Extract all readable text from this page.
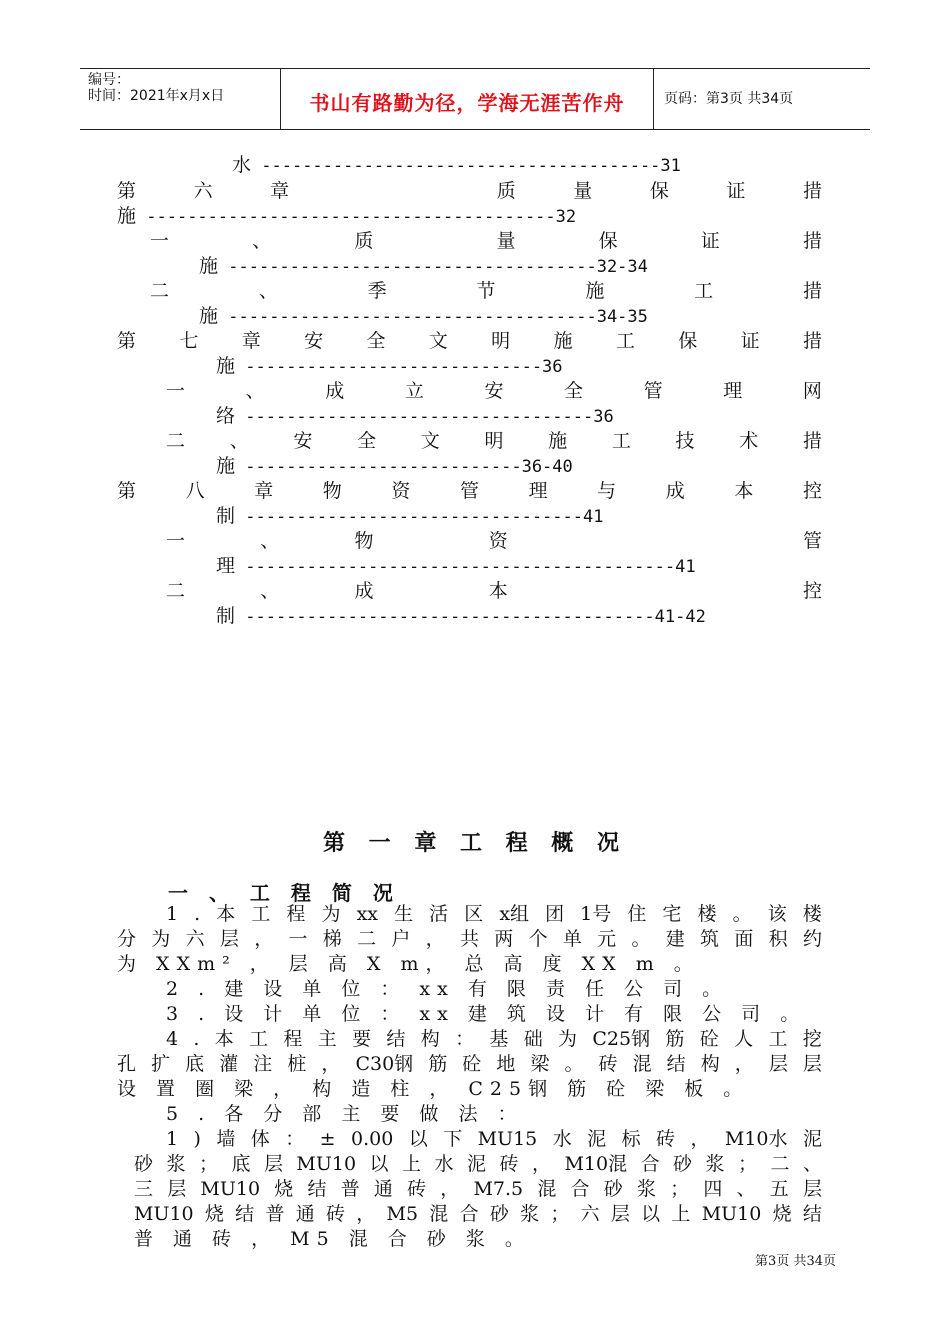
编号：
时间：2021年x月x日	书山有路勤为径，学海无涯苦作舟	页码：第3页 共34页
水 ---------------------------------------31
第	六	章	质	量	保	证	措
施 ----------------------------------------32
一	、	质	量	保	证	措
施 ------------------------------------32-34
二	、	季	节	施	工	措
施 ------------------------------------34-35
第 七 章 安 全 文 明 施 工 保 证 措
施 -----------------------------36
一	、	成	立	安	全	管	理	网
络 ----------------------------------36
二 、 安 全 文 明 施 工 技 术 措
施 ---------------------------36-40
第	八	章	物	资	管	理	与	成	本	控
制 ---------------------------------41
一	、	物	资	管
理 ------------------------------------------41
二	、	成	本	控
制 ----------------------------------------41-42
第 一 章 工 程 概 况
一 、 工 程 简 况
1 . 本 工 程 为 xx 生 活 区 x组 团 1号 住 宅 楼 。 该 楼
分 为 六 层 ， 一 梯 二 户 ， 共 两 个 单 元 。 建 筑 面 积 约
为 XXm² ， 层 高 X m， 总 高 度 XX m 。
2 . 建 设 单 位 ： xx 有 限 责 任 公 司 。
3 . 设 计 单 位 ： xx 建 筑 设 计 有 限 公 司 。
4 . 本 工 程 主 要 结 构 ： 基 础 为 C25钢 筋 砼 人 工 挖
孔 扩 底 灌 注 桩 ， C30钢 筋 砼 地 梁 。 砖 混 结 构 ， 层 层
设 置 圈 梁 ， 构 造 柱 ， C25钢 筋 砼 梁 板 。
5 . 各 分 部 主 要 做 法 ：
1 ) 墙 体 ： ± 0.00 以 下 MU15 水 泥 标 砖 ， M10水 泥
砂 浆 ； 底 层 MU10 以 上 水 泥 砖 ， M10混 合 砂 浆 ； 二 、
三 层 MU10 烧 结 普 通 砖 ， M7.5 混 合 砂 浆 ； 四 、 五 层
MU10 烧 结 普 通 砖 ， M5 混 合 砂 浆 ； 六 层 以 上 MU10 烧 结
普 通 砖 ， M5 混 合 砂 浆 。
第3页 共34页
